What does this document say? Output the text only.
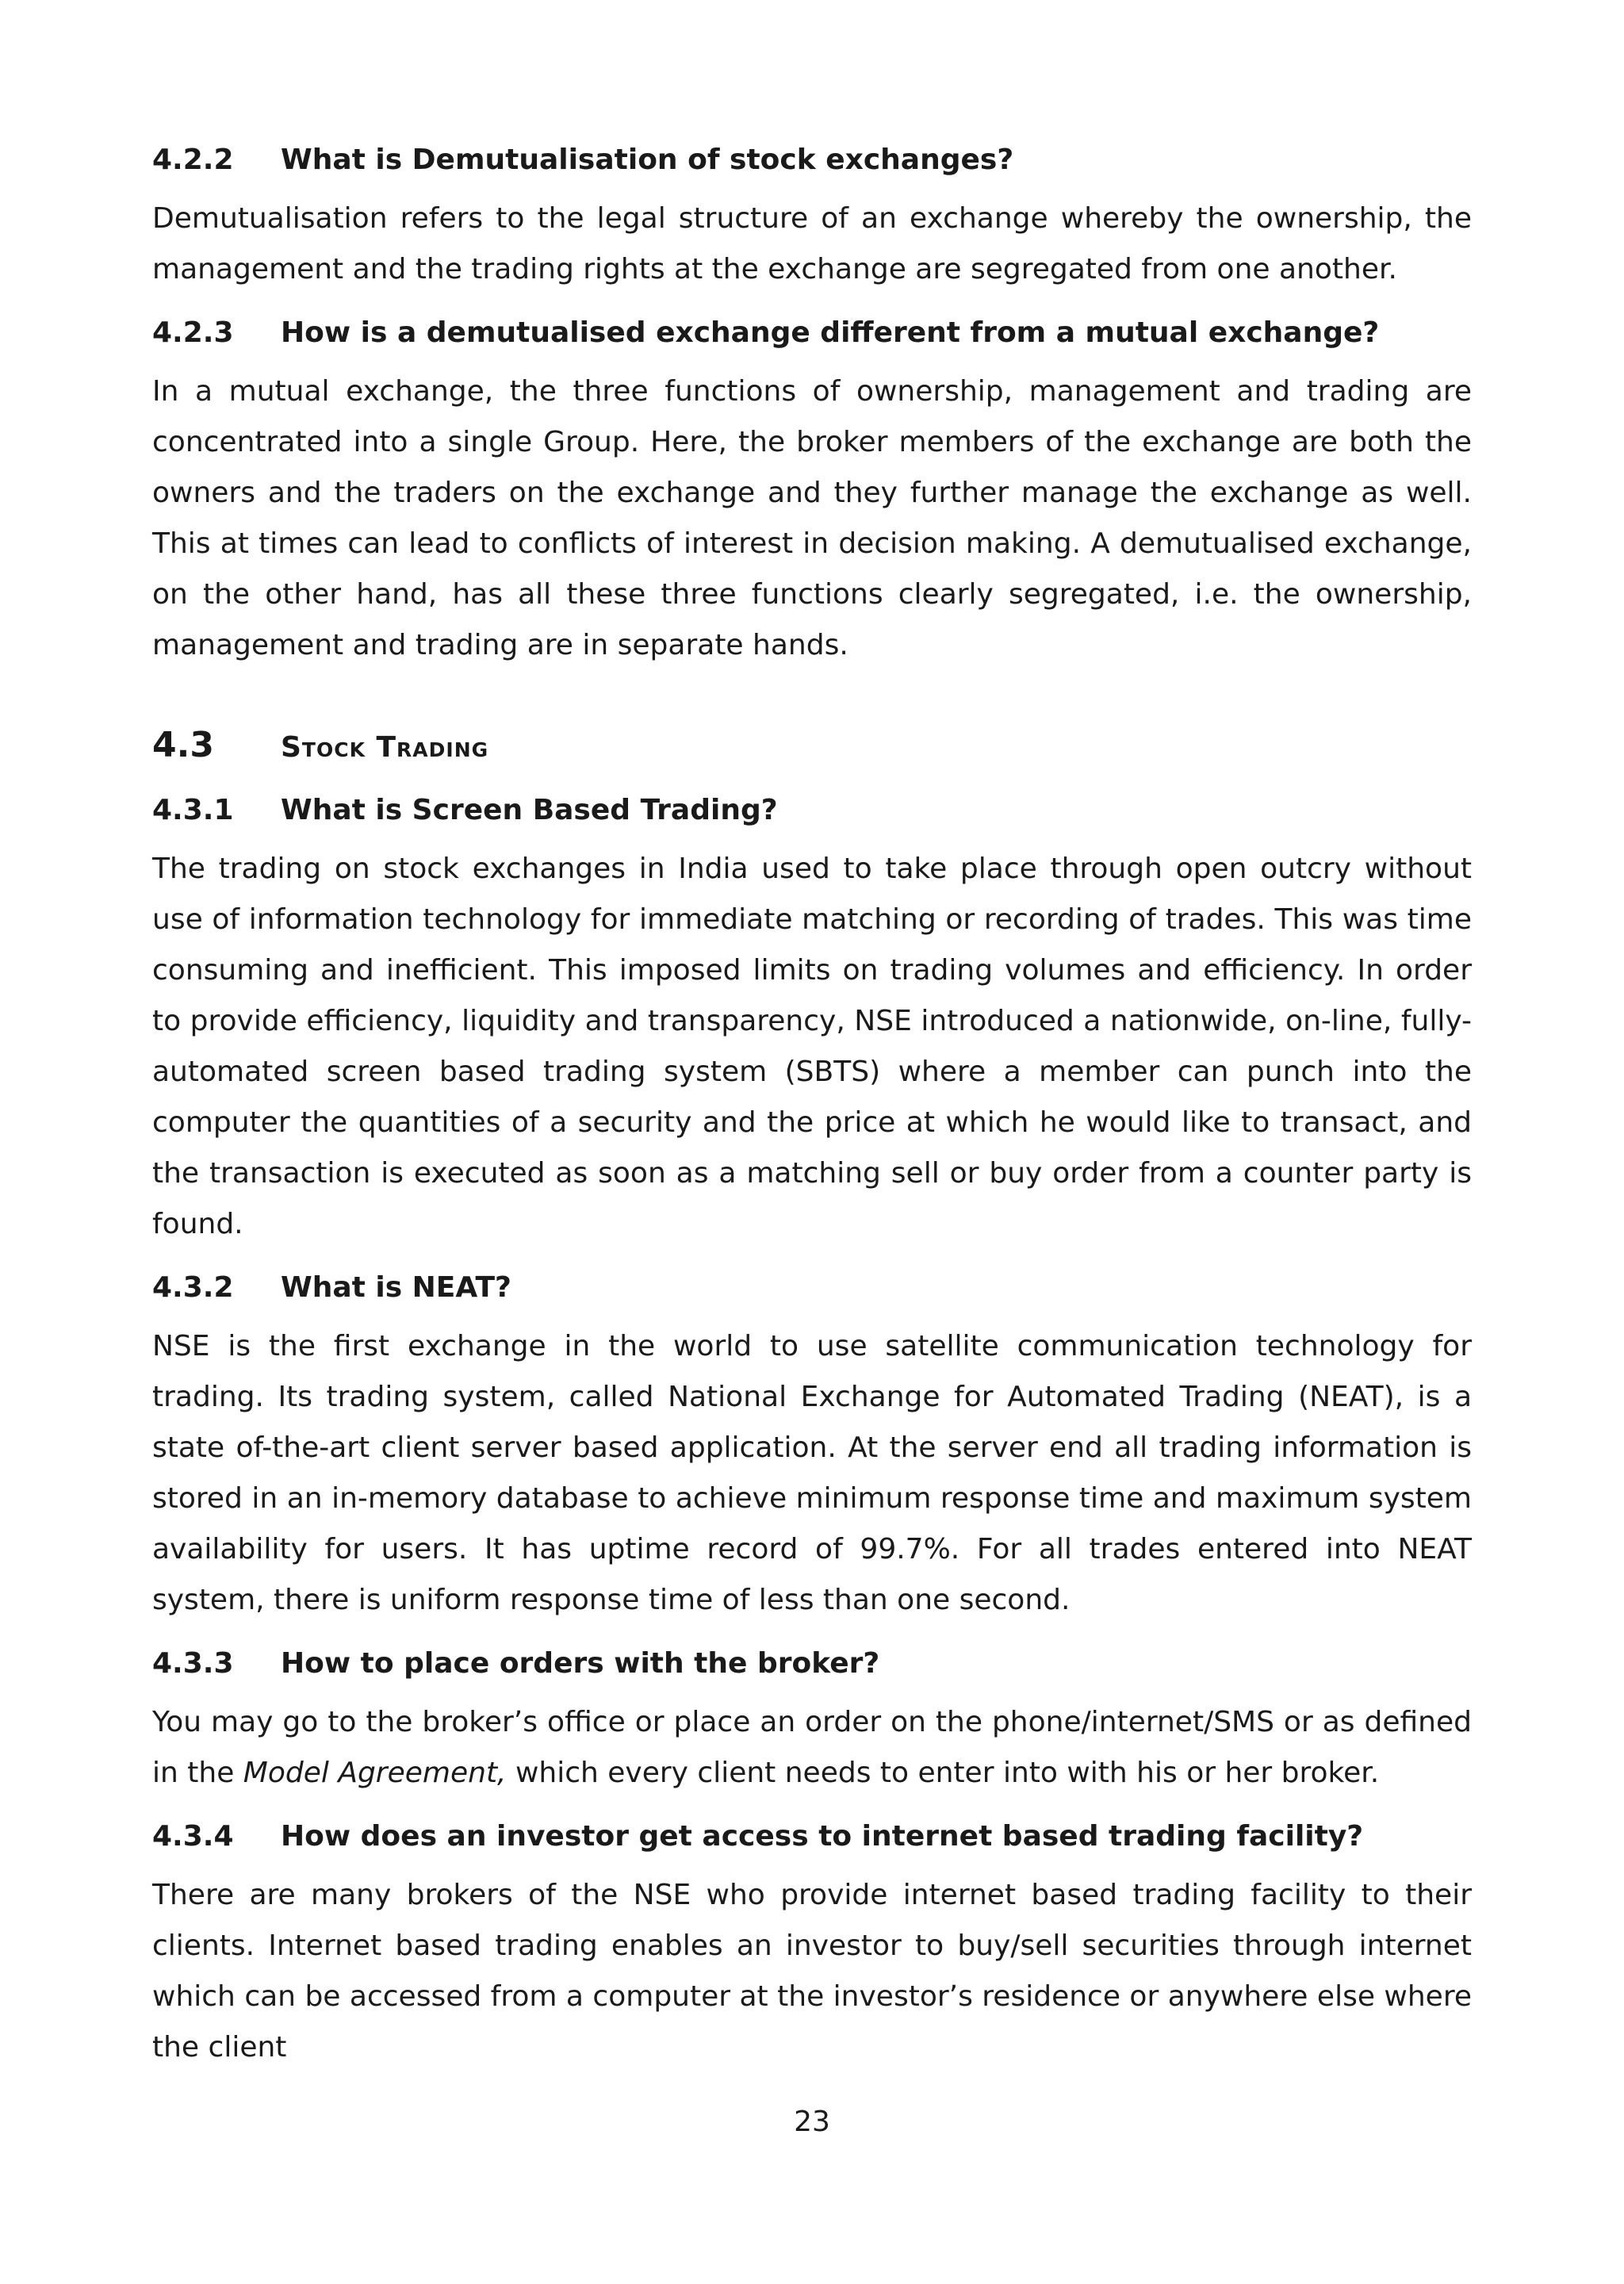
4.2.2	What is Demutualisation of stock exchanges?

Demutualisation refers to the legal structure of an exchange whereby the ownership, the management and the trading rights at the exchange are segregated from one another.

4.2.3	How is a demutualised exchange different from a mutual exchange?

In a mutual exchange, the three functions of ownership, management and trading are concentrated into a single Group. Here, the broker members of the exchange are both the owners and the traders on the exchange and they further manage the exchange as well. This at times can lead to conflicts of interest in decision making. A demutualised exchange, on the other hand, has all these three functions clearly segregated, i.e. the ownership, management and trading are in separate hands.

4.3	Stock Trading
4.3.1	What is Screen Based Trading?

The trading on stock exchanges in India used to take place through open outcry without use of information technology for immediate matching or recording of trades. This was time consuming and inefficient. This imposed limits on trading volumes and efficiency. In order to provide efficiency, liquidity and transparency, NSE introduced a nationwide, on-line, fully-automated screen based trading system (SBTS) where a member can punch into the computer the quantities of a security and the price at which he would like to transact, and the transaction is executed as soon as a matching sell or buy order from a counter party is found.

4.3.2	What is NEAT?

NSE is the first exchange in the world to use satellite communication technology for trading. Its trading system, called National Exchange for Automated Trading (NEAT), is a state of-the-art client server based application. At the server end all trading information is stored in an in-memory database to achieve minimum response time and maximum system availability for users. It has uptime record of 99.7%. For all trades entered into NEAT system, there is uniform response time of less than one second.

4.3.3	How to place orders with the broker?

You may go to the broker’s office or place an order on the phone/internet/SMS or as defined in the Model Agreement, which every client needs to enter into with his or her broker.

4.3.4	How does an investor get access to internet based trading facility?

There are many brokers of the NSE who provide internet based trading facility to their clients. Internet based trading enables an investor to buy/sell securities through internet which can be accessed from a computer at the investor’s residence or anywhere else where the client

23
